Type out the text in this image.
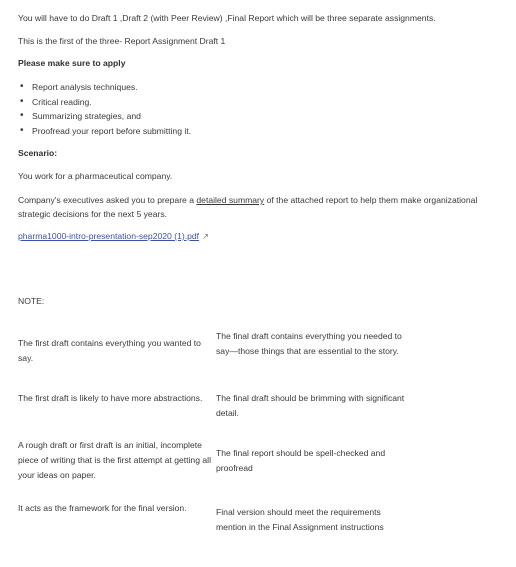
You will have to do Draft 1 ,Draft 2 (with Peer Review) ,Final Report which will be three separate assignments.
This is the first of the three- Report Assignment Draft 1
Please make sure to apply
• Report analysis techniques.
• Critical reading.
• Summarizing strategies, and
• Proofread your report before submitting it.
Scenario:
You work for a pharmaceutical company.
Company's executives asked you to prepare a detailed summary of the attached report to help them make organizational strategic decisions for the next 5 years.
pharma1000-intro-presentation-sep2020 (1).pdf ↗
NOTE:
The first draft contains everything you wanted to say.
The final draft contains everything you needed to say—those things that are essential to the story.
The first draft is likely to have more abstractions.	The final draft should be brimming with significant detail.
A rough draft or first draft is an initial, incomplete piece of writing that is the first attempt at getting all your ideas on paper.
The final report should be spell-checked and proofread
It acts as the framework for the final version.	Final version should meet the requirements mention in the Final Assignment instructions
